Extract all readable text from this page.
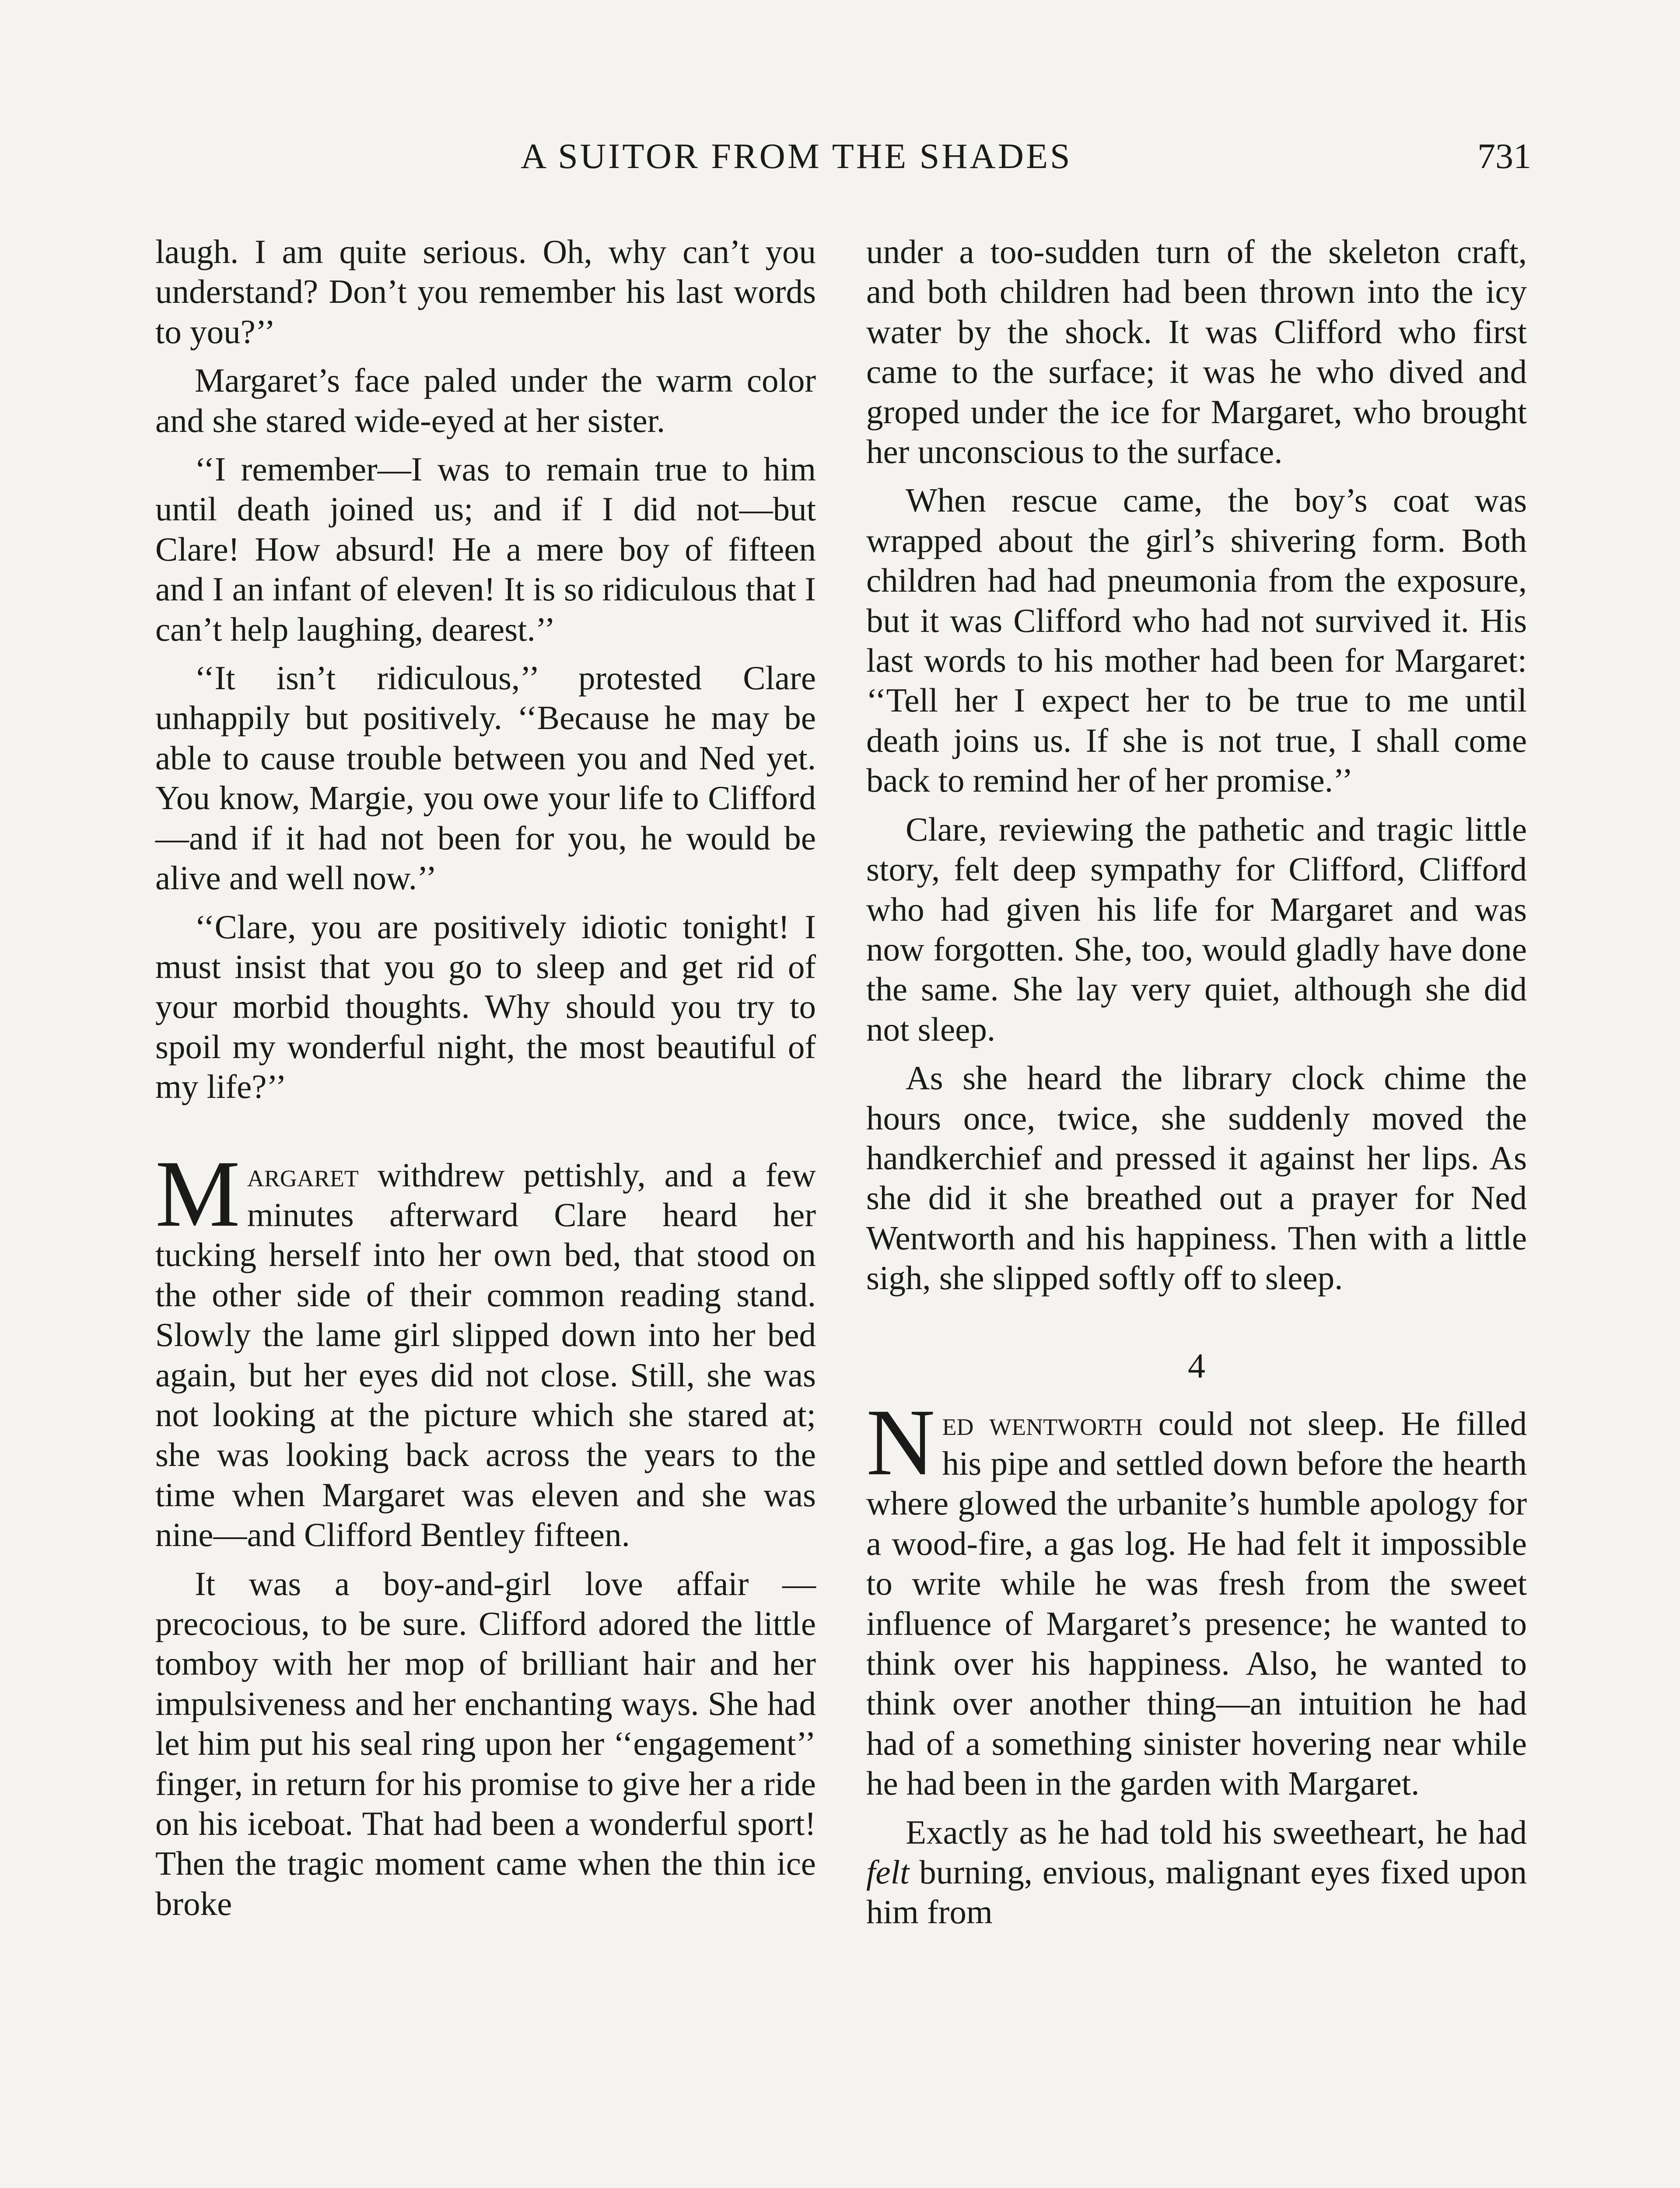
A SUITOR FROM THE SHADES	731

laugh. I am quite serious. Oh, why can’t you understand? Don’t you remember his last words to you?’’

Margaret’s face paled under the warm color and she stared wide-eyed at her sister.

‘‘I remember—I was to remain true to him until death joined us; and if I did not—but Clare! How absurd! He a mere boy of fifteen and I an infant of eleven! It is so ridiculous that I can’t help laughing, dearest.’’

‘‘It isn’t ridiculous,’’ protested Clare unhappily but positively. ‘‘Because he may be able to cause trouble between you and Ned yet. You know, Margie, you owe your life to Clifford—and if it had not been for you, he would be alive and well now.’’

‘‘Clare, you are positively idiotic tonight! I must insist that you go to sleep and get rid of your morbid thoughts. Why should you try to spoil my wonderful night, the most beautiful of my life?’’

Margaret withdrew pettishly, and a few minutes afterward Clare heard her tucking herself into her own bed, that stood on the other side of their common reading stand. Slowly the lame girl slipped down into her bed again, but her eyes did not close. Still, she was not looking at the picture which she stared at; she was looking back across the years to the time when Margaret was eleven and she was nine—and Clifford Bentley fifteen.

It was a boy-and-girl love affair —precocious, to be sure. Clifford adored the little tomboy with her mop of brilliant hair and her impulsiveness and her enchanting ways. She had let him put his seal ring upon her ‘‘engagement’’ finger, in return for his promise to give her a ride on his iceboat. That had been a wonderful sport! Then the tragic moment came when the thin ice broke

under a too-sudden turn of the skeleton craft, and both children had been thrown into the icy water by the shock. It was Clifford who first came to the surface; it was he who dived and groped under the ice for Margaret, who brought her unconscious to the surface.

When rescue came, the boy’s coat was wrapped about the girl’s shivering form. Both children had had pneumonia from the exposure, but it was Clifford who had not survived it. His last words to his mother had been for Margaret: ‘‘Tell her I expect her to be true to me until death joins us. If she is not true, I shall come back to remind her of her promise.’’

Clare, reviewing the pathetic and tragic little story, felt deep sympathy for Clifford, Clifford who had given his life for Margaret and was now forgotten. She, too, would gladly have done the same. She lay very quiet, although she did not sleep.

As she heard the library clock chime the hours once, twice, she suddenly moved the handkerchief and pressed it against her lips. As she did it she breathed out a prayer for Ned Wentworth and his happiness. Then with a little sigh, she slipped softly off to sleep.

4

Ned wentworth could not sleep. He filled his pipe and settled down before the hearth where glowed the urbanite’s humble apology for a wood-fire, a gas log. He had felt it impossible to write while he was fresh from the sweet influence of Margaret’s presence; he wanted to think over his happiness. Also, he wanted to think over another thing—an intuition he had had of a something sinister hovering near while he had been in the garden with Margaret.

Exactly as he had told his sweetheart, he had felt burning, envious, malignant eyes fixed upon him from
